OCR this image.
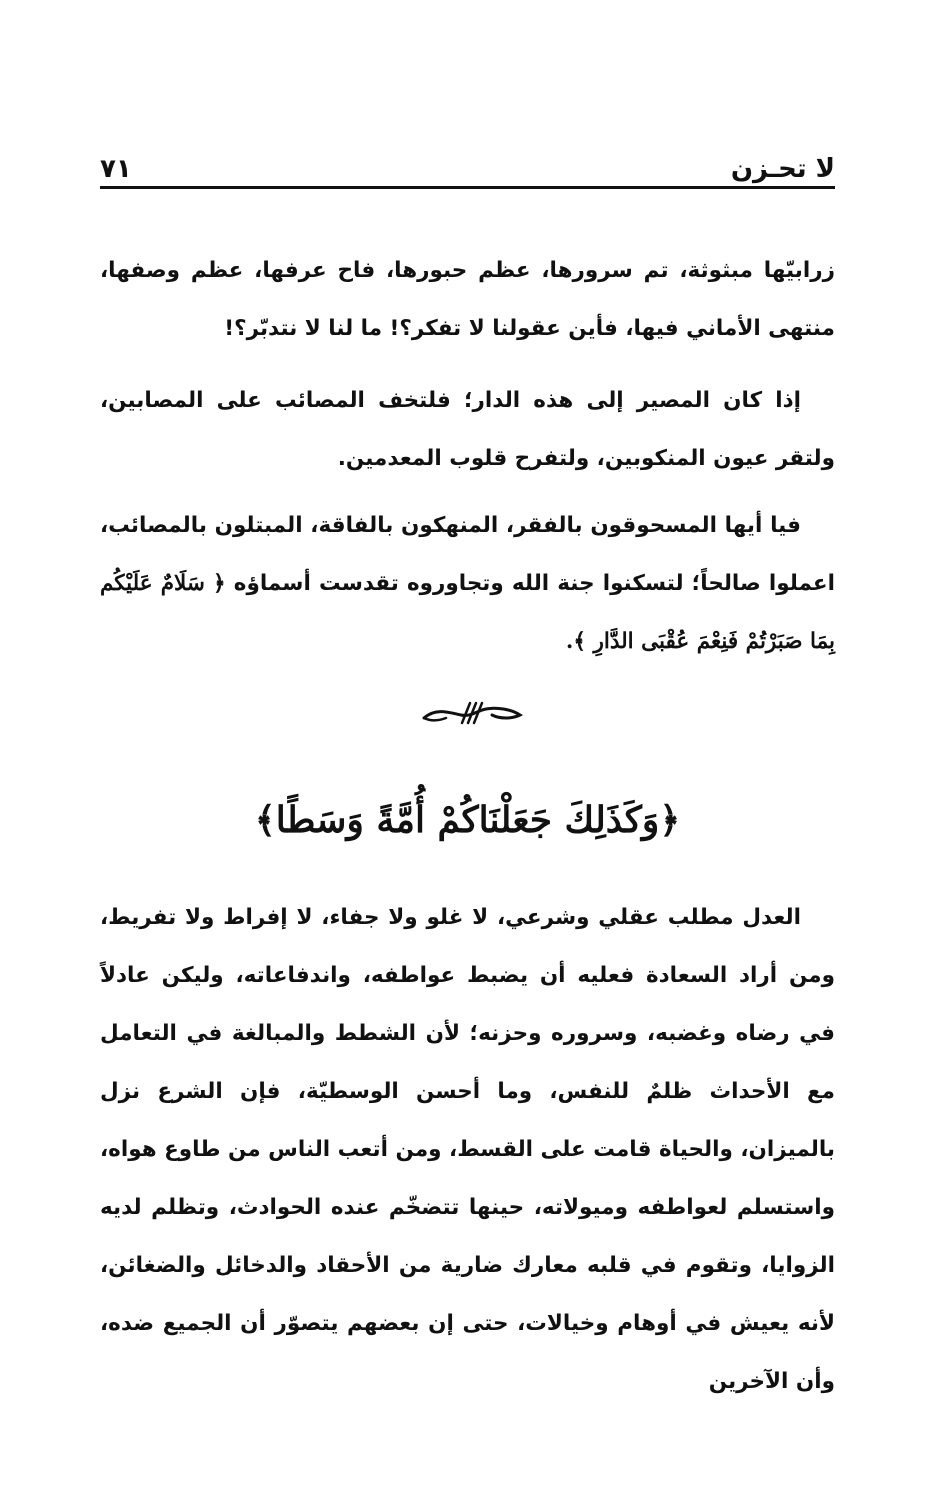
لا تحـزن
٧١

زرابيّها مبثوثة، تم سرورها، عظم حبورها، فاح عرفها، عظم وصفها، منتهى الأماني فيها، فأين عقولنا لا تفكر؟! ما لنا لا نتدبّر؟!

إذا كان المصير إلى هذه الدار؛ فلتخف المصائب على المصابين، ولتقر عيون المنكوبين، ولتفرح قلوب المعدمين.

فيا أيها المسحوقون بالفقر، المنهكون بالفاقة، المبتلون بالمصائب، اعملوا صالحاً؛ لتسكنوا جنة الله وتجاوروه تقدست أسماؤه ﴿ سَلَامٌ عَلَيْكُم بِمَا صَبَرْتُمْ فَنِعْمَ عُقْبَى الدَّارِ ﴾.

﴿وَكَذَلِكَ جَعَلْنَاكُمْ أُمَّةً وَسَطًا﴾

العدل مطلب عقلي وشرعي، لا غلو ولا جفاء، لا إفراط ولا تفريط، ومن أراد السعادة فعليه أن يضبط عواطفه، واندفاعاته، وليكن عادلاً في رضاه وغضبه، وسروره وحزنه؛ لأن الشطط والمبالغة في التعامل مع الأحداث ظلمٌ للنفس، وما أحسن الوسطيّة، فإن الشرع نزل بالميزان، والحياة قامت على القسط، ومن أتعب الناس من طاوع هواه، واستسلم لعواطفه وميولاته، حينها تتضخّم عنده الحوادث، وتظلم لديه الزوايا، وتقوم في قلبه معارك ضارية من الأحقاد والدخائل والضغائن، لأنه يعيش في أوهام وخيالات، حتى إن بعضهم يتصوّر أن الجميع ضده، وأن الآخرين
